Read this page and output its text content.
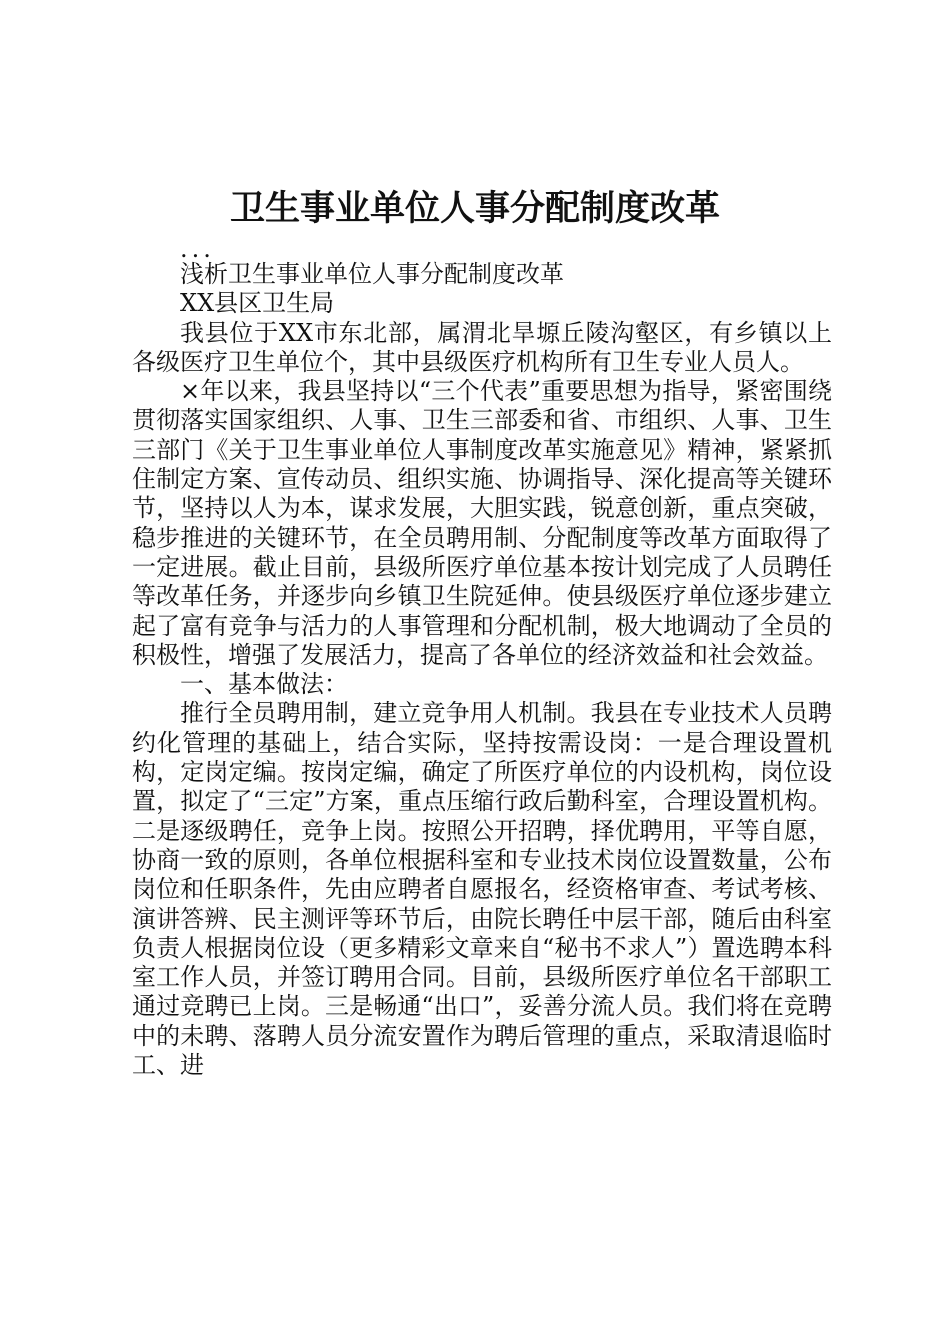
卫生事业单位人事分配制度改革

...

浅析卫生事业单位人事分配制度改革

XX县区卫生局

我县位于XX市东北部，属渭北旱塬丘陵沟壑区，有乡镇以上各级医疗卫生单位个，其中县级医疗机构所有卫生专业人员人。

×年以来，我县坚持以“三个代表”重要思想为指导，紧密围绕贯彻落实国家组织、人事、卫生三部委和省、市组织、人事、卫生三部门《关于卫生事业单位人事制度改革实施意见》精神，紧紧抓住制定方案、宣传动员、组织实施、协调指导、深化提高等关键环节，坚持以人为本，谋求发展，大胆实践，锐意创新，重点突破，稳步推进的关键环节，在全员聘用制、分配制度等改革方面取得了一定进展。截止目前，县级所医疗单位基本按计划完成了人员聘任等改革任务，并逐步向乡镇卫生院延伸。使县级医疗单位逐步建立起了富有竞争与活力的人事管理和分配机制，极大地调动了全员的积极性，增强了发展活力，提高了各单位的经济效益和社会效益。

一、基本做法：

推行全员聘用制，建立竞争用人机制。我县在专业技术人员聘约化管理的基础上，结合实际，坚持按需设岗：一是合理设置机构，定岗定编。按岗定编，确定了所医疗单位的内设机构，岗位设置，拟定了“三定”方案，重点压缩行政后勤科室，合理设置机构。二是逐级聘任，竞争上岗。按照公开招聘，择优聘用，平等自愿，协商一致的原则，各单位根据科室和专业技术岗位设置数量，公布岗位和任职条件，先由应聘者自愿报名，经资格审查、考试考核、演讲答辨、民主测评等环节后，由院长聘任中层干部，随后由科室负责人根据岗位设（更多精彩文章来自“秘书不求人”）置选聘本科室工作人员，并签订聘用合同。目前，县级所医疗单位名干部职工通过竞聘已上岗。三是畅通“出口”，妥善分流人员。我们将在竞聘中的未聘、落聘人员分流安置作为聘后管理的重点，采取清退临时工、进
